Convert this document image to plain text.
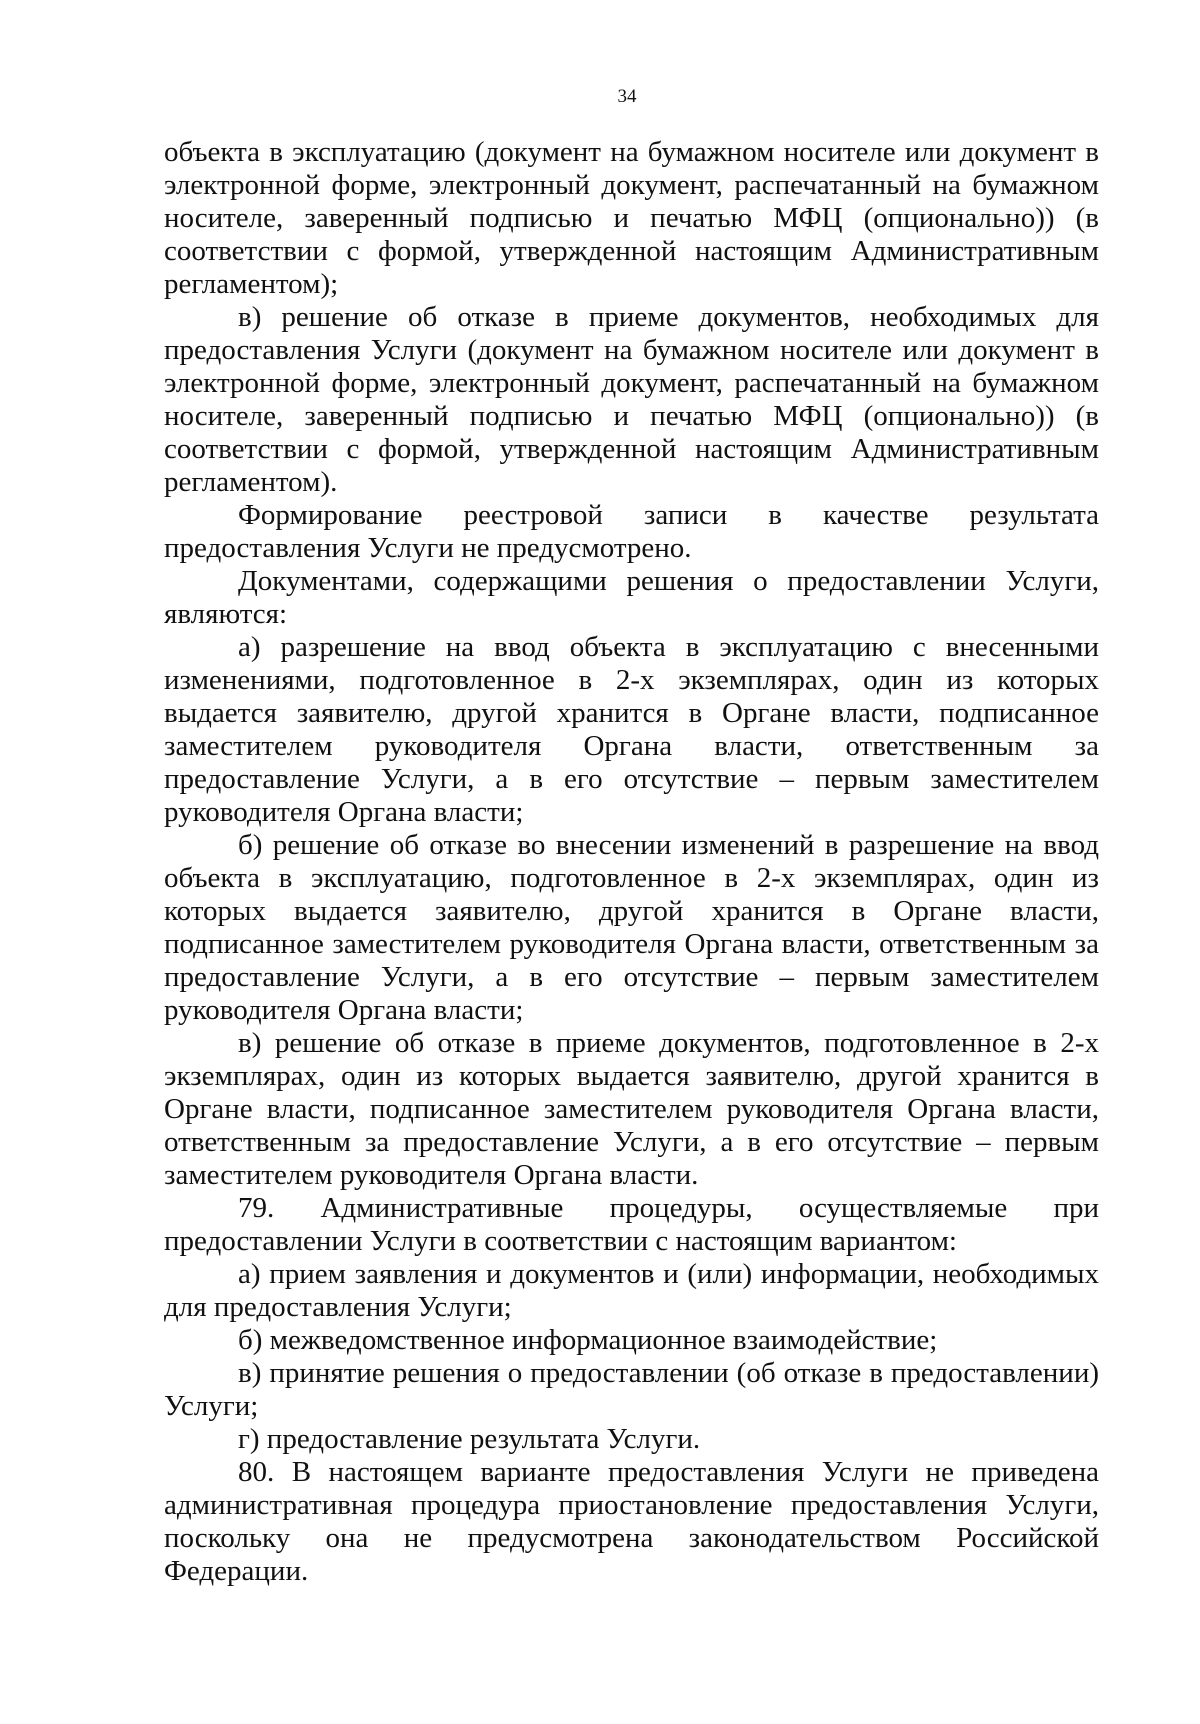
34

объекта в эксплуатацию (документ на бумажном носителе или документ в электронной форме, электронный документ, распечатанный на бумажном носителе, заверенный подписью и печатью МФЦ (опционально)) (в соответствии с формой, утвержденной настоящим Административным регламентом);

в) решение об отказе в приеме документов, необходимых для предоставления Услуги (документ на бумажном носителе или документ в электронной форме, электронный документ, распечатанный на бумажном носителе, заверенный подписью и печатью МФЦ (опционально)) (в соответствии с формой, утвержденной настоящим Административным регламентом).

Формирование реестровой записи в качестве результата предоставления Услуги не предусмотрено.

Документами, содержащими решения о предоставлении Услуги, являются:

а) разрешение на ввод объекта в эксплуатацию с внесенными изменениями, подготовленное в 2-х экземплярах, один из которых выдается заявителю, другой хранится в Органе власти, подписанное заместителем руководителя Органа власти, ответственным за предоставление Услуги, а в его отсутствие – первым заместителем руководителя Органа власти;

б) решение об отказе во внесении изменений в разрешение на ввод объекта в эксплуатацию, подготовленное в 2-х экземплярах, один из которых выдается заявителю, другой хранится в Органе власти, подписанное заместителем руководителя Органа власти, ответственным за предоставление Услуги, а в его отсутствие – первым заместителем руководителя Органа власти;

в) решение об отказе в приеме документов, подготовленное в 2-х экземплярах, один из которых выдается заявителю, другой хранится в Органе власти, подписанное заместителем руководителя Органа власти, ответственным за предоставление Услуги, а в его отсутствие – первым заместителем руководителя Органа власти.

79. Административные процедуры, осуществляемые при предоставлении Услуги в соответствии с настоящим вариантом:

а) прием заявления и документов и (или) информации, необходимых для предоставления Услуги;

б) межведомственное информационное взаимодействие;

в) принятие решения о предоставлении (об отказе в предоставлении) Услуги;

г) предоставление результата Услуги.

80. В настоящем варианте предоставления Услуги не приведена административная процедура приостановление предоставления Услуги, поскольку она не предусмотрена законодательством Российской Федерации.
